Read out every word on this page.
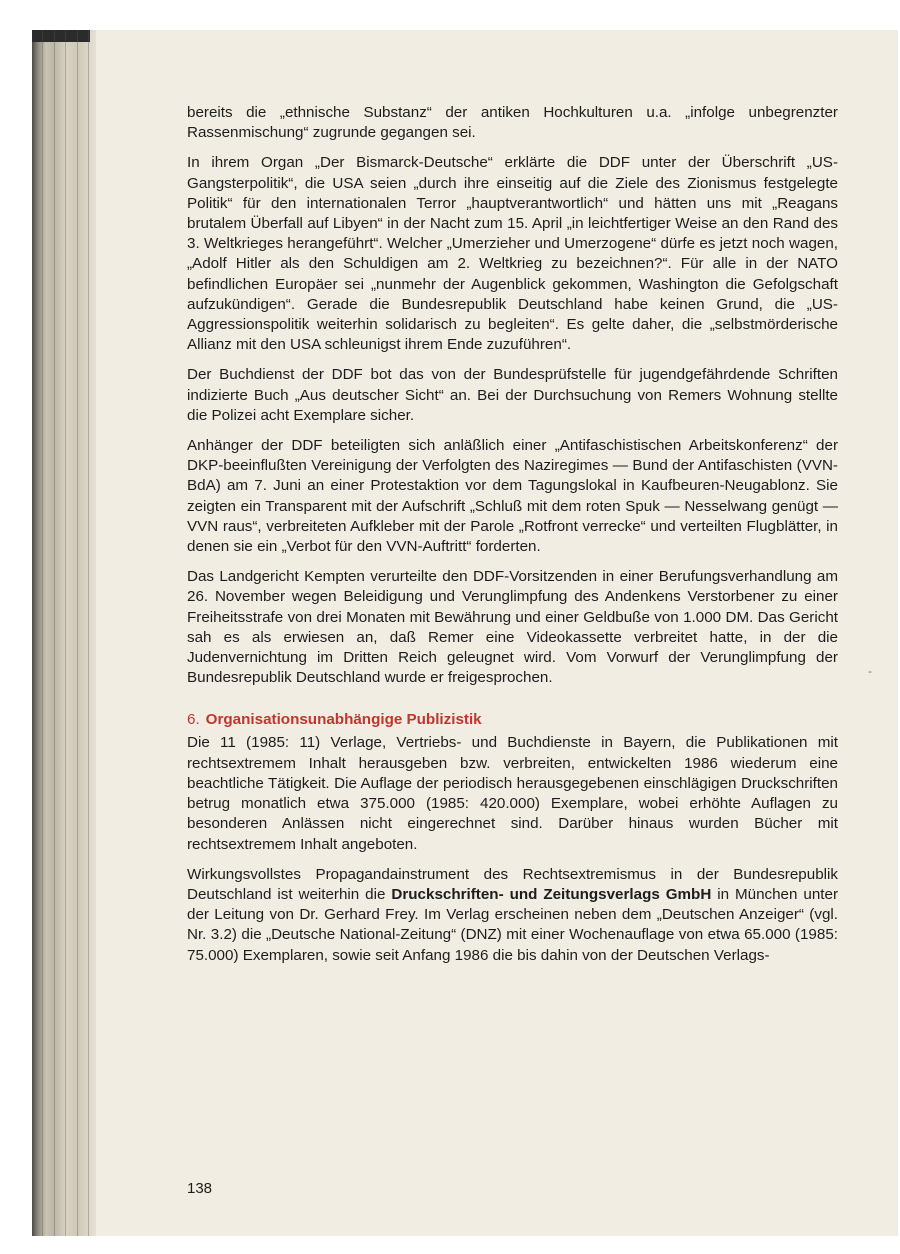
bereits die „ethnische Substanz“ der antiken Hochkulturen u.a. „infolge unbegrenzter Rassenmischung“ zugrunde gegangen sei.

In ihrem Organ „Der Bismarck-Deutsche“ erklärte die DDF unter der Überschrift „US-Gangsterpolitik“, die USA seien „durch ihre einseitig auf die Ziele des Zionismus festgelegte Politik“ für den internationalen Terror „hauptverantwortlich“ und hätten uns mit „Reagans brutalem Überfall auf Libyen“ in der Nacht zum 15. April „in leichtfertiger Weise an den Rand des 3. Weltkrieges herangeführt“. Welcher „Umerzieher und Umerzogene“ dürfe es jetzt noch wagen, „Adolf Hitler als den Schuldigen am 2. Weltkrieg zu bezeichnen?“. Für alle in der NATO befindlichen Europäer sei „nunmehr der Augenblick gekommen, Washington die Gefolgschaft aufzukündigen“. Gerade die Bundesrepublik Deutschland habe keinen Grund, die „US-Aggressionspolitik weiterhin solidarisch zu begleiten“. Es gelte daher, die „selbstmörderische Allianz mit den USA schleunigst ihrem Ende zuzuführen“.

Der Buchdienst der DDF bot das von der Bundesprüfstelle für jugendgefährdende Schriften indizierte Buch „Aus deutscher Sicht“ an. Bei der Durchsuchung von Remers Wohnung stellte die Polizei acht Exemplare sicher.

Anhänger der DDF beteiligten sich anläßlich einer „Antifaschistischen Arbeitskonferenz“ der DKP-beeinflußten Vereinigung der Verfolgten des Naziregimes — Bund der Antifaschisten (VVN-BdA) am 7. Juni an einer Protestaktion vor dem Tagungslokal in Kaufbeuren-Neugablonz. Sie zeigten ein Transparent mit der Aufschrift „Schluß mit dem roten Spuk — Nesselwang genügt — VVN raus“, verbreiteten Aufkleber mit der Parole „Rotfront verrecke“ und verteilten Flugblätter, in denen sie ein „Verbot für den VVN-Auftritt“ forderten.

Das Landgericht Kempten verurteilte den DDF-Vorsitzenden in einer Berufungsverhandlung am 26. November wegen Beleidigung und Verunglimpfung des Andenkens Verstorbener zu einer Freiheitsstrafe von drei Monaten mit Bewährung und einer Geldbuße von 1.000 DM. Das Gericht sah es als erwiesen an, daß Remer eine Videokassette verbreitet hatte, in der die Judenvernichtung im Dritten Reich geleugnet wird. Vom Vorwurf der Verunglimpfung der Bundesrepublik Deutschland wurde er freigesprochen.

6. Organisationsunabhängige Publizistik

Die 11 (1985: 11) Verlage, Vertriebs- und Buchdienste in Bayern, die Publikationen mit rechtsextremem Inhalt herausgeben bzw. verbreiten, entwickelten 1986 wiederum eine beachtliche Tätigkeit. Die Auflage der periodisch herausgegebenen einschlägigen Druckschriften betrug monatlich etwa 375.000 (1985: 420.000) Exemplare, wobei erhöhte Auflagen zu besonderen Anlässen nicht eingerechnet sind. Darüber hinaus wurden Bücher mit rechtsextremem Inhalt angeboten.

Wirkungsvollstes Propagandainstrument des Rechtsextremismus in der Bundesrepublik Deutschland ist weiterhin die Druckschriften- und Zeitungsverlags GmbH in München unter der Leitung von Dr. Gerhard Frey. Im Verlag erscheinen neben dem „Deutschen Anzeiger“ (vgl. Nr. 3.2) die „Deutsche National-Zeitung“ (DNZ) mit einer Wochenauflage von etwa 65.000 (1985: 75.000) Exemplaren, sowie seit Anfang 1986 die bis dahin von der Deutschen Verlags-

-
138
